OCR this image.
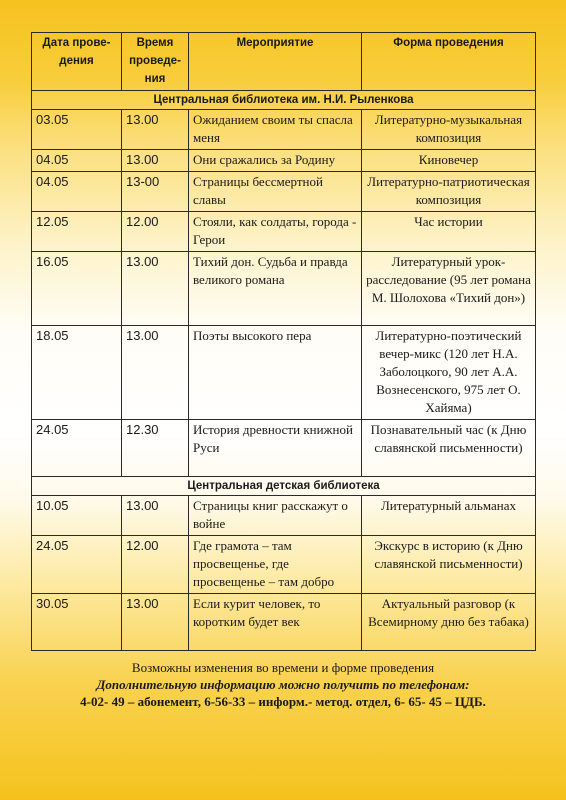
Дата прове-дения	Время проведе-ния	Мероприятие	Форма проведения
Центральная библиотека им. Н.И. Рыленкова			
03.05	13.00	Ожиданием своим ты спасла меня	Литературно-музыкальная композиция
04.05	13.00	Они сражались за Родину	Киновечер
04.05	13-00	Страницы бессмертной славы	Литературно-патриотическая композиция
12.05	12.00	Стояли, как солдаты, города - Герои	Час истории
16.05	13.00	Тихий дон. Судьба и правда великого романа	Литературный урок-расследование (95 лет романа М. Шолохова «Тихий дон»)
18.05	13.00	Поэты высокого пера	Литературно-поэтический вечер-микс (120 лет Н.А. Заболоцкого, 90 лет А.А. Вознесенского, 975 лет О. Хайяма)
24.05	12.30	История древности книжной Руси	Познавательный час (к Дню славянской письменности)
Центральная детская библиотека			
10.05	13.00	Страницы книг расскажут о войне	Литературный альманах
24.05	12.00	Где грамота – там просвещенье, где просвещенье – там добро	Экскурс в историю (к Дню славянской письменности)
30.05	13.00	Если курит человек, то коротким будет век	Актуальный разговор (к Всемирному дню без табака)
Возможны изменения во времени и форме проведения
Дополнительную информацию можно получить по телефонам:
4-02- 49 – абонемент, 6-56-33 – информ.- метод. отдел, 6- 65- 45 – ЦДБ.
